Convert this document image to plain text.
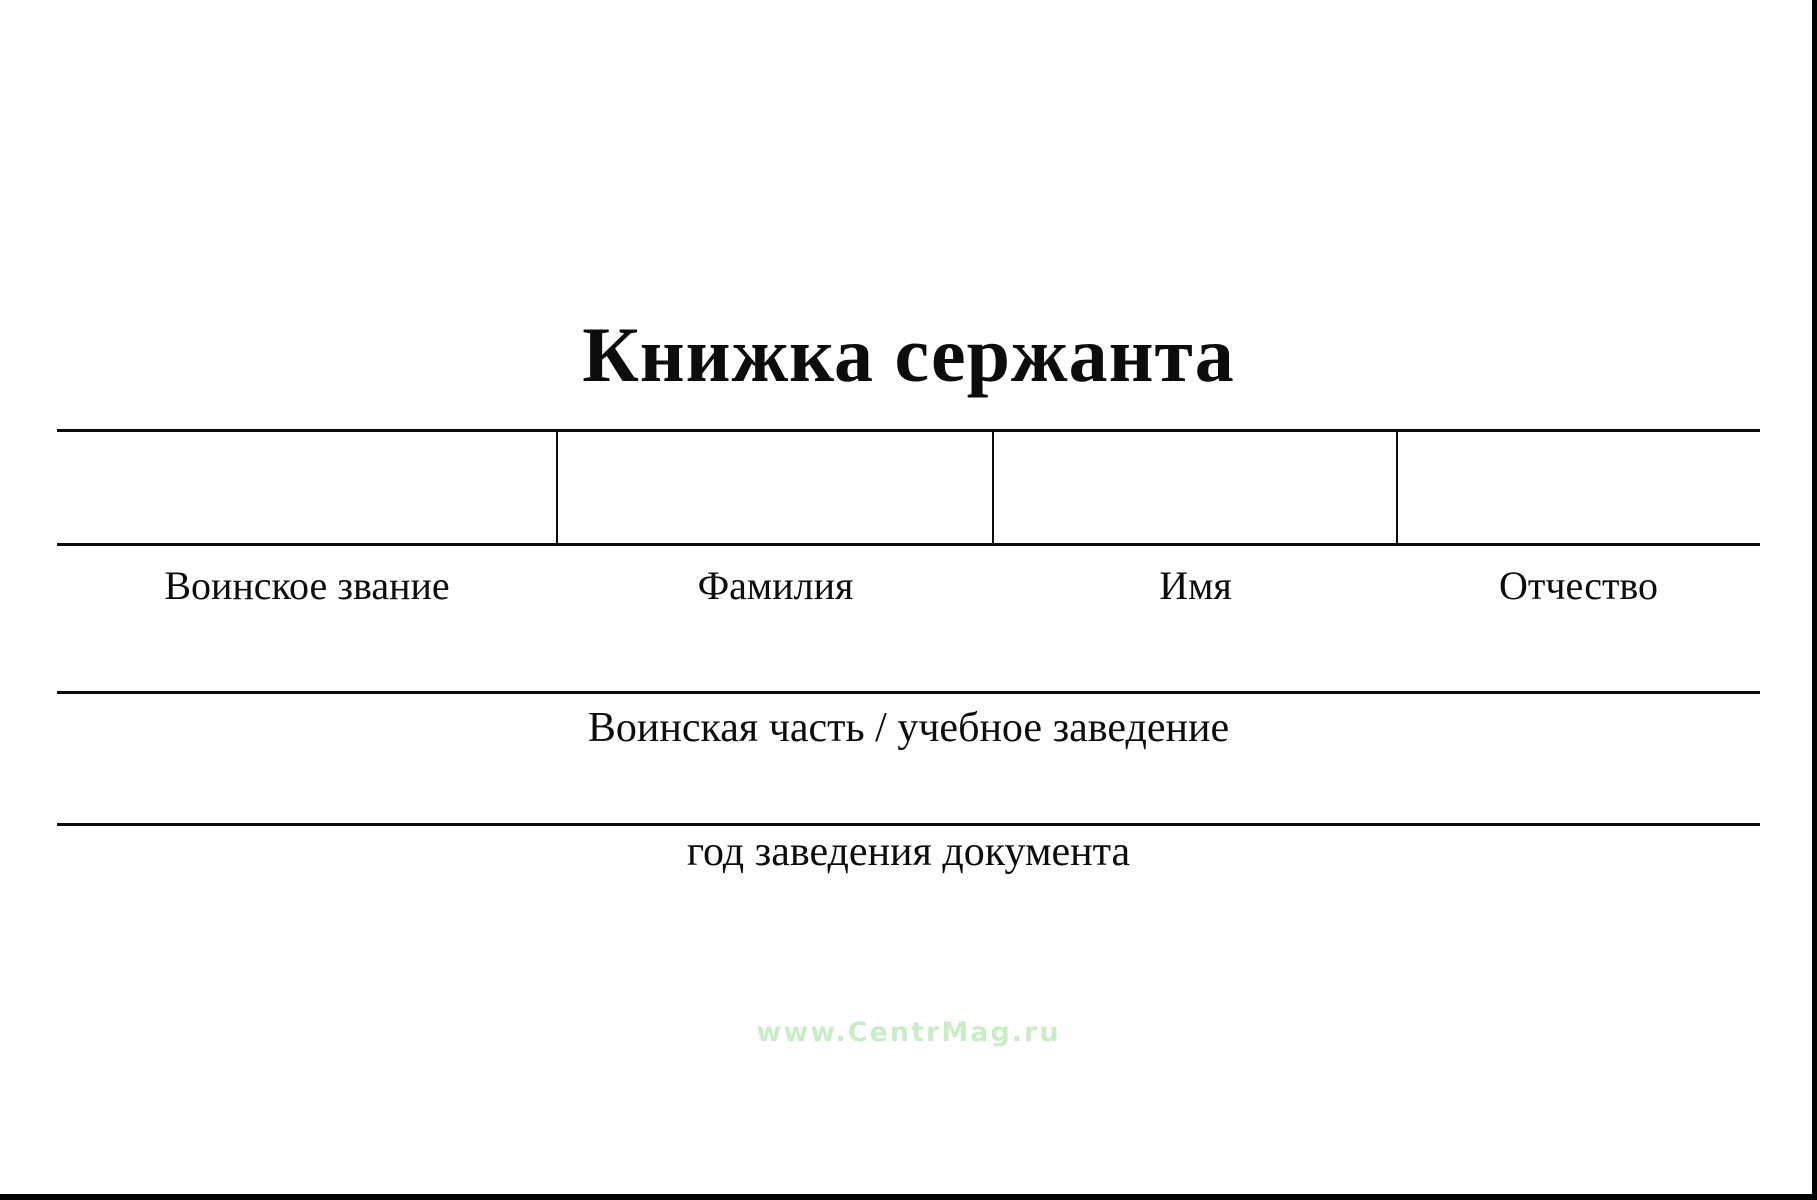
Книжка сержанта
Воинское звание	Фамилия	Имя	Отчество
Воинская часть / учебное заведение
год заведения документа
www.CentrMag.ru
